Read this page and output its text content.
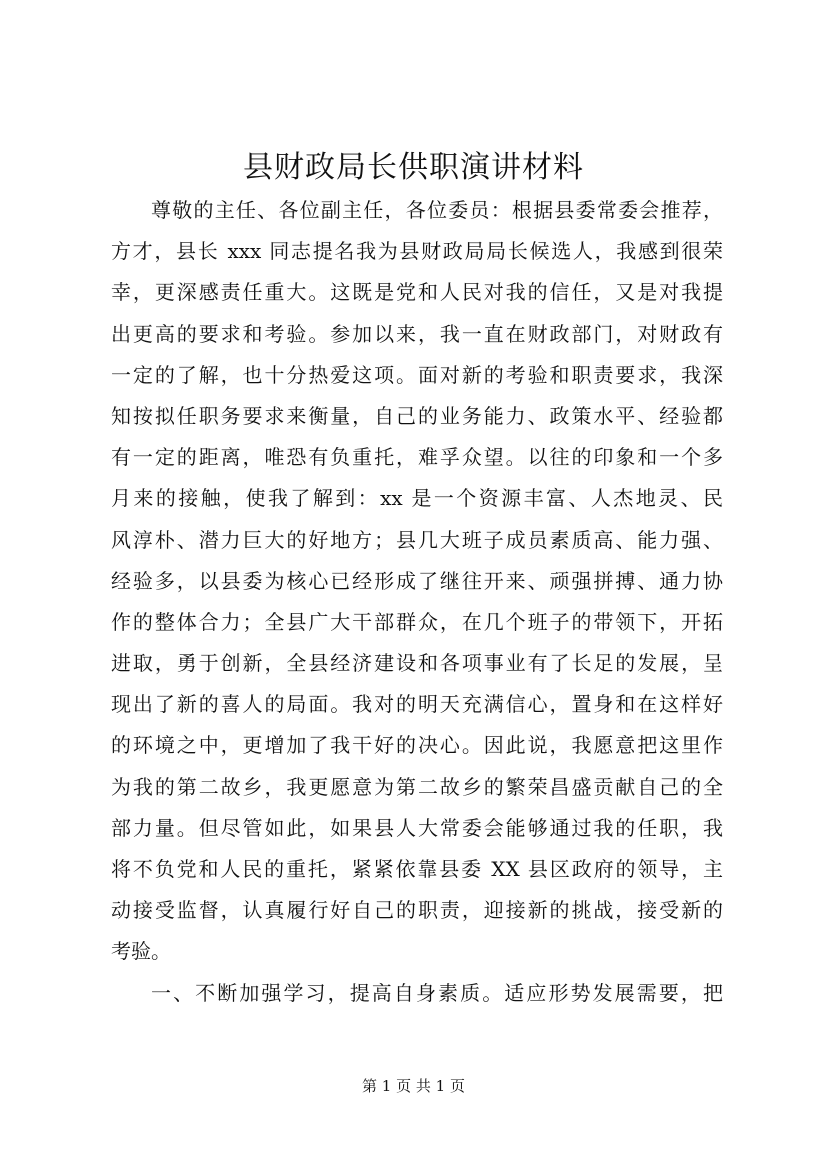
县财政局长供职演讲材料
尊敬的主任、各位副主任，各位委员：根据县委常委会推荐，
方才，县长 xxx 同志提名我为县财政局局长候选人，我感到很荣
幸，更深感责任重大。这既是党和人民对我的信任，又是对我提
出更高的要求和考验。参加以来，我一直在财政部门，对财政有
一定的了解，也十分热爱这项。面对新的考验和职责要求，我深
知按拟任职务要求来衡量，自己的业务能力、政策水平、经验都
有一定的距离，唯恐有负重托，难孚众望。以往的印象和一个多
月来的接触，使我了解到：xx 是一个资源丰富、人杰地灵、民
风淳朴、潜力巨大的好地方；县几大班子成员素质高、能力强、
经验多，以县委为核心已经形成了继往开来、顽强拼搏、通力协
作的整体合力；全县广大干部群众，在几个班子的带领下，开拓
进取，勇于创新，全县经济建设和各项事业有了长足的发展，呈
现出了新的喜人的局面。我对的明天充满信心，置身和在这样好
的环境之中，更增加了我干好的决心。因此说，我愿意把这里作
为我的第二故乡，我更愿意为第二故乡的繁荣昌盛贡献自己的全
部力量。但尽管如此，如果县人大常委会能够通过我的任职，我
将不负党和人民的重托，紧紧依靠县委 XX 县区政府的领导，主
动接受监督，认真履行好自己的职责，迎接新的挑战，接受新的
考验。
一、不断加强学习，提高自身素质。适应形势发展需要，把
第 1 页 共 1 页
